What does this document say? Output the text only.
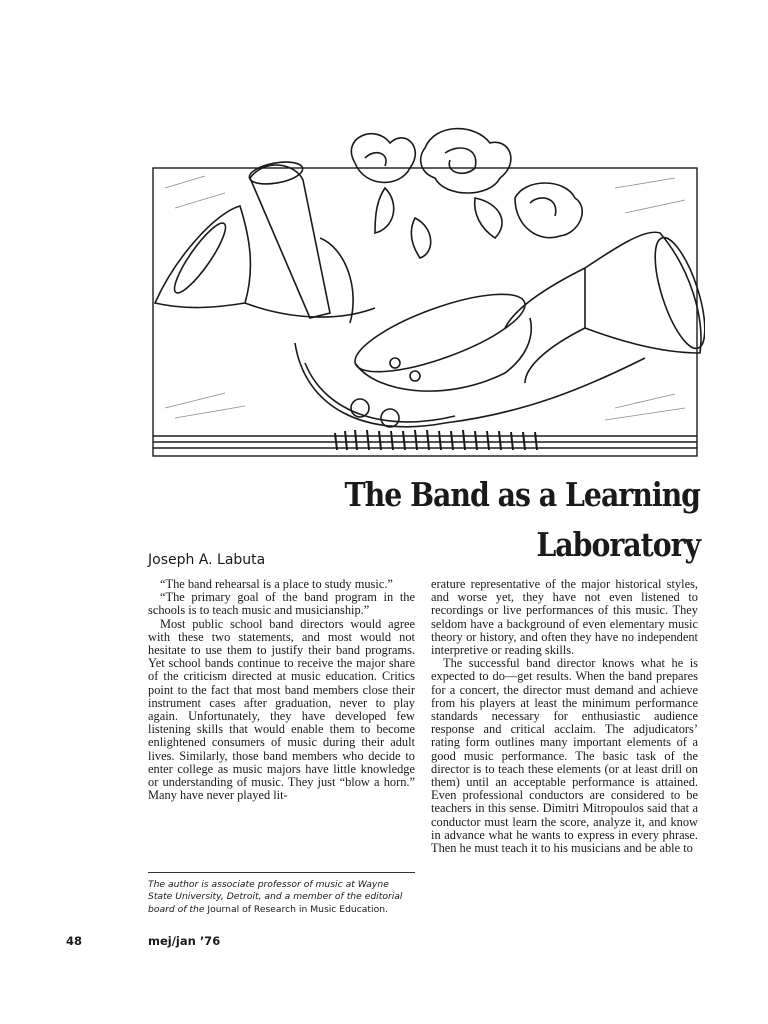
The Band as a Learning Laboratory
Joseph A. Labuta

“The band rehearsal is a place to study music.”

“The primary goal of the band program in the schools is to teach music and musicianship.”

Most public school band directors would agree with these two statements, and most would not hesitate to use them to justify their band programs. Yet school bands continue to receive the major share of the criticism directed at music education. Critics point to the fact that most band members close their instrument cases after graduation, never to play again. Unfortunately, they have developed few listening skills that would enable them to become enlightened consumers of music during their adult lives. Similarly, those band members who decide to enter college as music majors have little knowledge or understanding of music. They just “blow a horn.” Many have never played lit-

erature representative of the major historical styles, and worse yet, they have not even listened to recordings or live performances of this music. They seldom have a background of even elementary music theory or history, and often they have no independent interpretive or reading skills.

The successful band director knows what he is expected to do—get results. When the band prepares for a concert, the director must demand and achieve from his players at least the minimum performance standards necessary for enthusiastic audience response and critical acclaim. The adjudicators’ rating form outlines many important elements of a good music performance. The basic task of the director is to teach these elements (or at least drill on them) until an acceptable performance is attained. Even professional conductors are considered to be teachers in this sense. Dimitri Mitropoulos said that a conductor must learn the score, analyze it, and know in advance what he wants to express in every phrase. Then he must teach it to his musicians and be able to

The author is associate professor of music at Wayne State University, Detroit, and a member of the editorial board of the Journal of Research in Music Education.
48	mej/jan ’76
